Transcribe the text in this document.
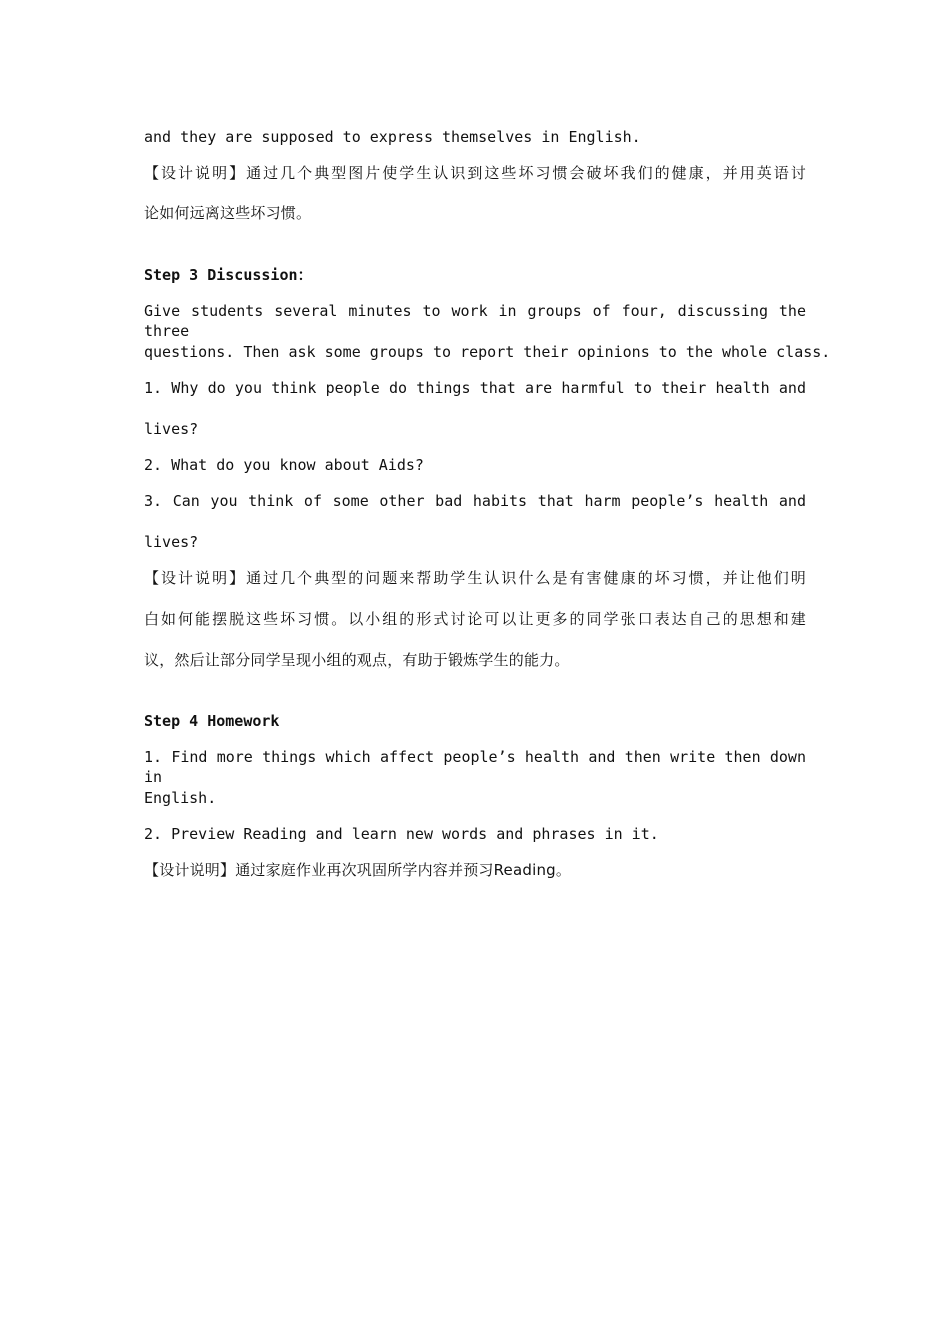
and they are supposed to express themselves in English.
【设计说明】通过几个典型图片使学生认识到这些坏习惯会破坏我们的健康，并用英语讨
论如何远离这些坏习惯。
Step 3 Discussion：
Give students several minutes to work in groups of four, discussing the three
questions. Then ask some groups to report their opinions to the whole class.
1. Why do you think people do things that are harmful to their health and
lives?
2. What do you know about Aids?
3. Can you think of some other bad habits that harm people’s health and
lives?
【设计说明】通过几个典型的问题来帮助学生认识什么是有害健康的坏习惯，并让他们明
白如何能摆脱这些坏习惯。以小组的形式讨论可以让更多的同学张口表达自己的思想和建
议，然后让部分同学呈现小组的观点，有助于锻炼学生的能力。
Step 4 Homework
1. Find more things which affect people’s health and then write then down in
English.
2. Preview Reading and learn new words and phrases in it.
【设计说明】通过家庭作业再次巩固所学内容并预习Reading。
